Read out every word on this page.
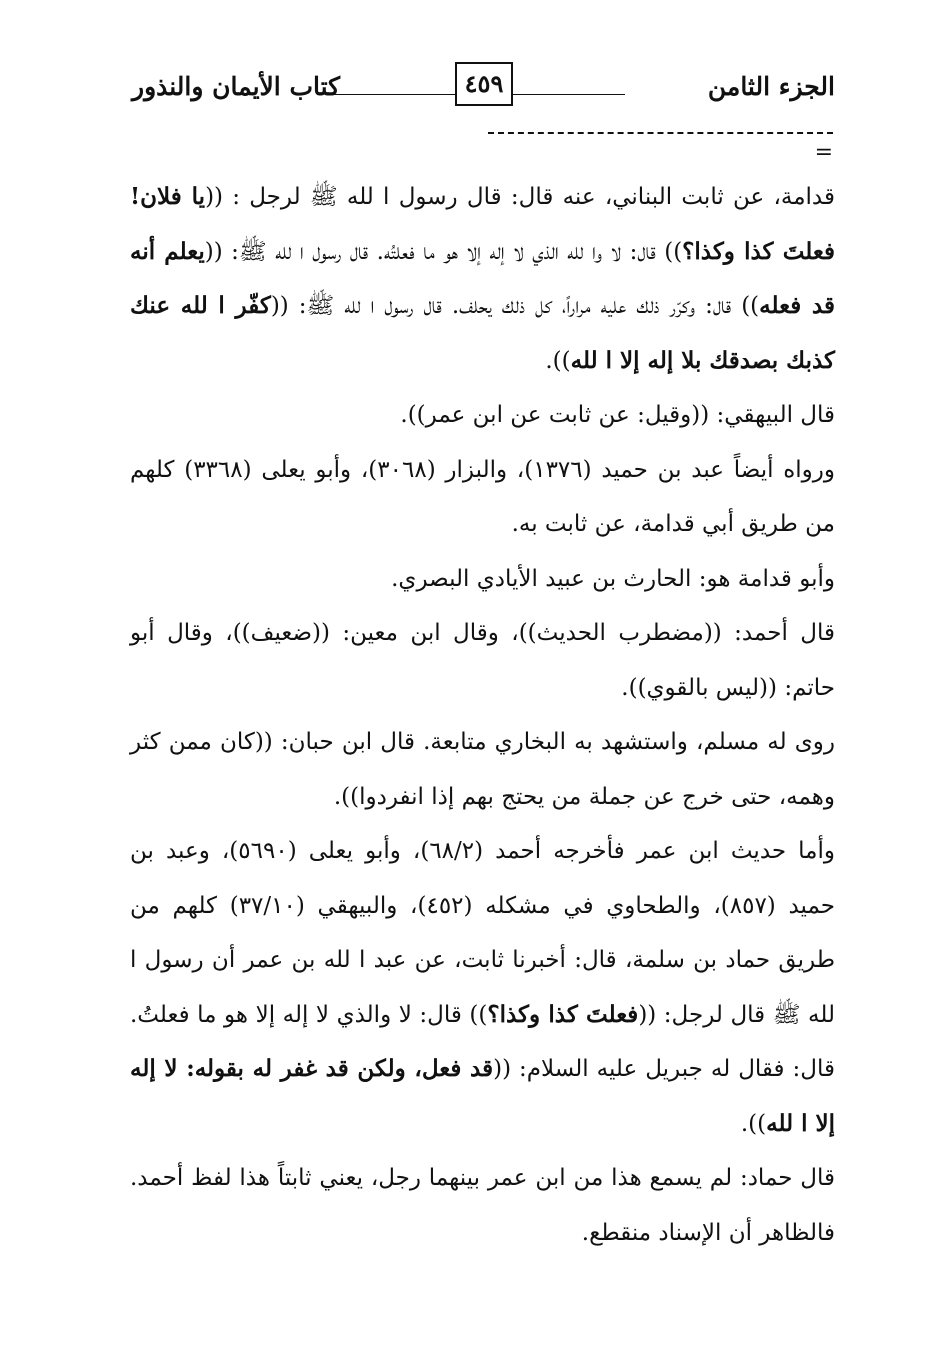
الجزء الثامن
٤٥٩
كتاب الأيمان والنذور
=

قدامة، عن ثابت البناني، عنه قال: قال رسول ا لله ﷺ لرجل : ((يا فلان! فعلتَ كذا وكذا؟)) قال: لا وا لله الذي لا إله إلا هو ما فعلتُه. قال رسول ا لله ﷺ: ((يعلم أنه قد فعله)) قال: وكرّر ذلك عليه مراراً، كل ذلك يحلف. قال رسول ا لله ﷺ: ((كفّر ا لله عنك كذبك بصدقك بلا إله إلا ا لله)).

قال البيهقي: ((وقيل: عن ثابت عن ابن عمر)).

ورواه أيضاً عبد بن حميد (١٣٧٦)، والبزار (٣٠٦٨)، وأبو يعلى (٣٣٦٨) كلهم من طريق أبي قدامة، عن ثابت به.

وأبو قدامة هو: الحارث بن عبيد الأيادي البصري.

قال أحمد: ((مضطرب الحديث))، وقال ابن معين: ((ضعيف))، وقال أبو حاتم: ((ليس بالقوي)).

روى له مسلم، واستشهد به البخاري متابعة. قال ابن حبان: ((كان ممن كثر وهمه، حتى خرج عن جملة من يحتج بهم إذا انفردوا)).

وأما حديث ابن عمر فأخرجه أحمد (٦٨/٢)، وأبو يعلى (٥٦٩٠)، وعبد بن حميد (٨٥٧)، والطحاوي في مشكله (٤٥٢)، والبيهقي (٣٧/١٠) كلهم من طريق حماد بن سلمة، قال: أخبرنا ثابت، عن عبد ا لله بن عمر أن رسول ا لله ﷺ قال لرجل: ((فعلتَ كذا وكذا؟)) قال: لا والذي لا إله إلا هو ما فعلتُ. قال: فقال له جبريل عليه السلام: ((قد فعل، ولكن قد غفر له بقوله: لا إله إلا ا لله)).

قال حماد: لم يسمع هذا من ابن عمر بينهما رجل، يعني ثابتاً هذا لفظ أحمد. فالظاهر أن الإسناد منقطع.
